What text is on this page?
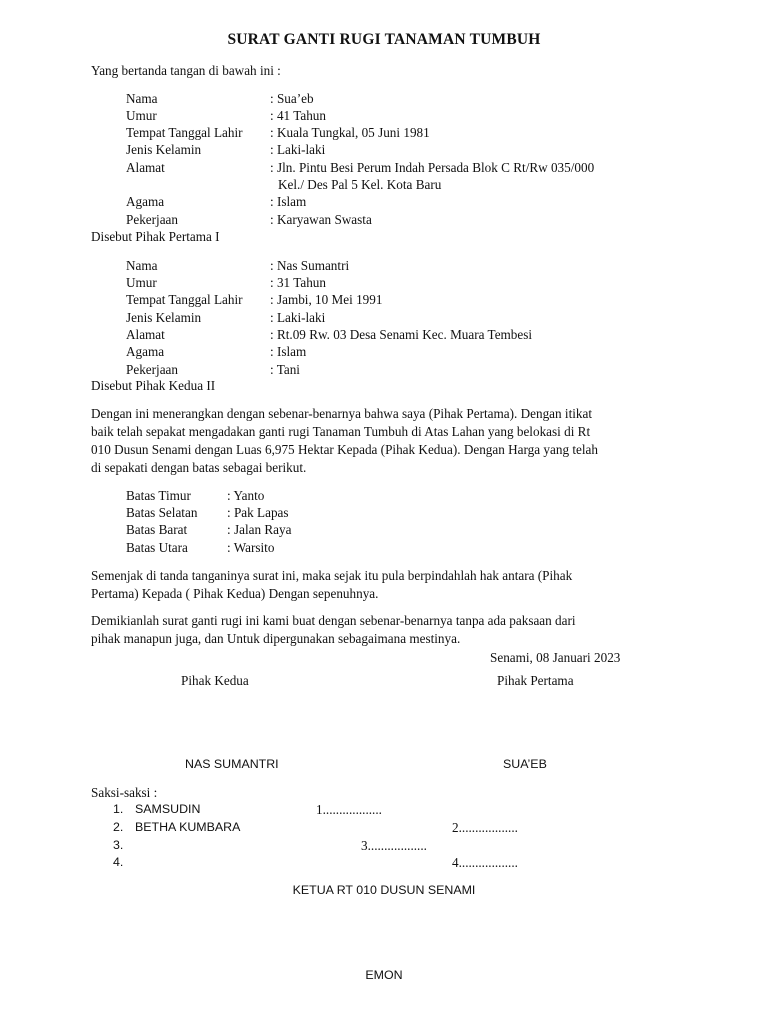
SURAT GANTI RUGI TANAMAN TUMBUH
Yang bertanda tangan di bawah ini :
Nama	: Sua’eb
Umur	: 41 Tahun
Tempat Tanggal Lahir : Kuala Tungkal, 05 Juni 1981
Jenis Kelamin	: Laki-laki
Alamat	: Jln. Pintu Besi Perum Indah Persada Blok C Rt/Rw 035/000
Kel./ Des Pal 5 Kel. Kota Baru
Agama	: Islam
Pekerjaan	: Karyawan Swasta
Disebut Pihak Pertama I
Nama	: Nas Sumantri
Umur	: 31 Tahun
Tempat Tanggal Lahir : Jambi, 10 Mei 1991
Jenis Kelamin	: Laki-laki
Alamat	: Rt.09 Rw. 03 Desa Senami Kec. Muara Tembesi
Agama	: Islam
Pekerjaan	: Tani
Disebut Pihak Kedua II
Dengan ini menerangkan dengan sebenar-benarnya bahwa saya (Pihak Pertama). Dengan itikat
baik telah sepakat mengadakan ganti rugi Tanaman Tumbuh di Atas Lahan yang belokasi di Rt
010 Dusun Senami dengan Luas 6,975 Hektar Kepada (Pihak Kedua). Dengan Harga yang telah
di sepakati dengan batas sebagai berikut.
Batas Timur	: Yanto
Batas Selatan : Pak Lapas
Batas Barat	: Jalan Raya
Batas Utara	: Warsito
Semenjak di tanda tanganinya surat ini, maka sejak itu pula berpindahlah hak antara (Pihak
Pertama) Kepada ( Pihak Kedua) Dengan sepenuhnya.
Demikianlah surat ganti rugi ini kami buat dengan sebenar-benarnya tanpa ada paksaan dari
pihak manapun juga, dan Untuk dipergunakan sebagaimana mestinya.
Senami, 08 Januari 2023
Pihak Kedua	Pihak Pertama
NAS SUMANTRI	SUA’EB
Saksi-saksi :
1. SAMSUDIN	1..................
2. BETHA KUMBARA	2..................
3.	3..................
4.	4..................
KETUA RT 010 DUSUN SENAMI
EMON
